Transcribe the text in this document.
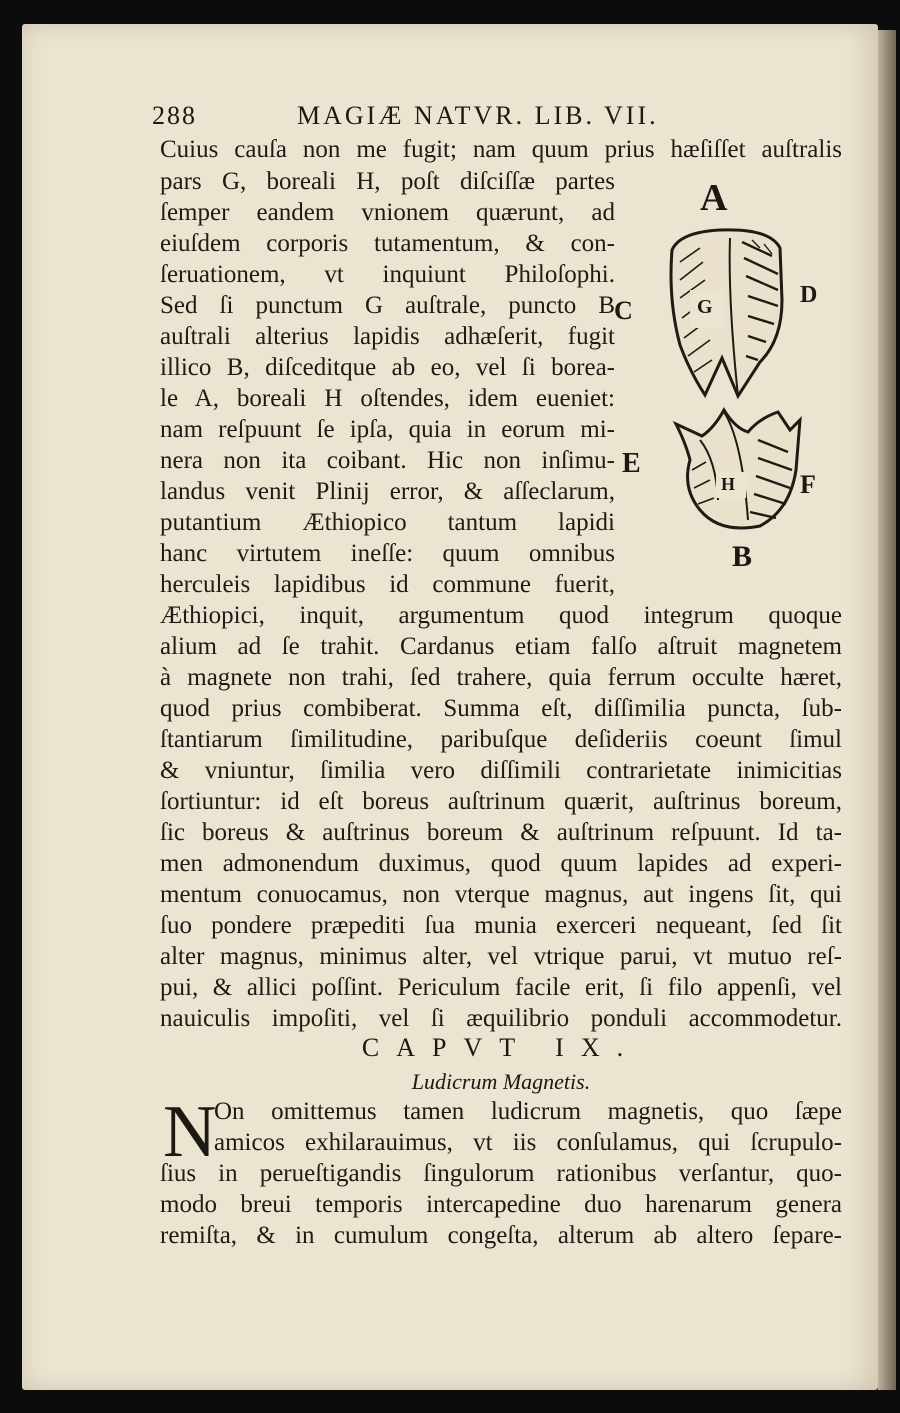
288	MAGIÆ NATVR. LIB. VII.
Cuius cauſa non me fugit; nam quum prius hæſiſſet auſtralis
pars G, boreali H, poſt diſciſſæ partes
ſemper eandem vnionem quærunt, ad
eiuſdem corporis tutamentum, & con-
ſeruationem, vt inquiunt Philoſophi.
Sed ſi punctum G auſtrale, puncto B
auſtrali alterius lapidis adhæſerit, fugit
illico B, diſceditque ab eo, vel ſi borea-
le A, boreali H oſtendes, idem eueniet:
nam reſpuunt ſe ipſa, quia in eorum mi-
nera non ita coibant. Hic non inſimu-
landus venit Plinij error, & aſſeclarum,
putantium Æthiopico tantum lapidi
hanc virtutem ineſſe: quum omnibus
herculeis lapidibus id commune fuerit,
Æthiopici, inquit, argumentum quod integrum quoque
alium ad ſe trahit. Cardanus etiam falſo aſtruit magnetem
à magnete non trahi, ſed trahere, quia ferrum occulte hæret,
quod prius combiberat. Summa eſt, diſſimilia puncta, ſub-
ſtantiarum ſimilitudine, paribuſque deſideriis coeunt ſimul
& vniuntur, ſimilia vero diſſimili contrarietate inimicitias
ſortiuntur: id eſt boreus auſtrinum quærit, auſtrinus boreum,
ſic boreus & auſtrinus boreum & auſtrinum reſpuunt. Id ta-
men admonendum duximus, quod quum lapides ad experi-
mentum conuocamus, non vterque magnus, aut ingens ſit, qui
ſuo pondere præpediti ſua munia exerceri nequeant, ſed ſit
alter magnus, minimus alter, vel vtrique parui, vt mutuo reſ-
pui, & allici poſſint. Periculum facile erit, ſi filo appenſi, vel
nauiculis impoſiti, vel ſi æquilibrio ponduli accommodetur.
CAPVT IX.
Ludicrum Magnetis.
N
On omittemus tamen ludicrum magnetis, quo ſæpe
amicos exhilarauimus, vt iis conſulamus, qui ſcrupulo-
ſius in perueſtigandis ſingulorum rationibus verſantur, quo-
modo breui temporis intercapedine duo harenarum genera
remiſta, & in cumulum congeſta, alterum ab altero ſepare-
A
C
D
G
E
H F
B
